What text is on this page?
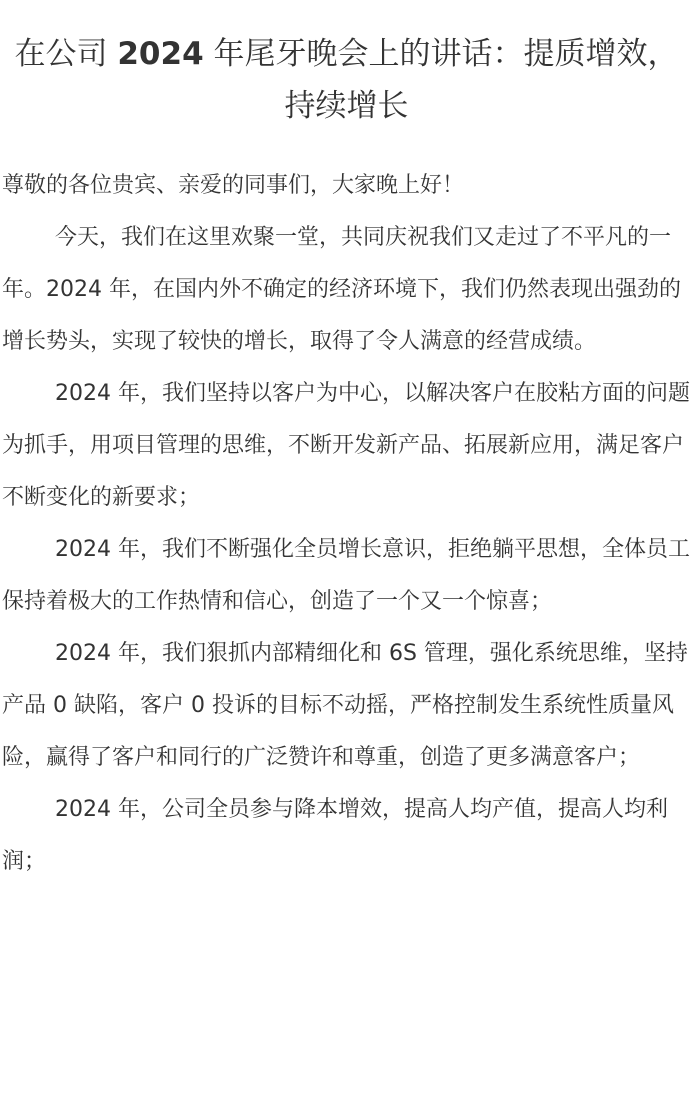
在公司 2024 年尾牙晚会上的讲话：提质增效，持续增长

尊敬的各位贵宾、亲爱的同事们，大家晚上好！

今天，我们在这里欢聚一堂，共同庆祝我们又走过了不平凡的一年。2024 年，在国内外不确定的经济环境下，我们仍然表现出强劲的增长势头，实现了较快的增长，取得了令人满意的经营成绩。

2024 年，我们坚持以客户为中心，以解决客户在胶粘方面的问题为抓手，用项目管理的思维，不断开发新产品、拓展新应用，满足客户不断变化的新要求；

2024 年，我们不断强化全员增长意识，拒绝躺平思想，全体员工保持着极大的工作热情和信心，创造了一个又一个惊喜；

2024 年，我们狠抓内部精细化和 6S 管理，强化系统思维，坚持产品 0 缺陷，客户 0 投诉的目标不动摇，严格控制发生系统性质量风险，赢得了客户和同行的广泛赞许和尊重，创造了更多满意客户；

2024 年，公司全员参与降本增效，提高人均产值，提高人均利润；
